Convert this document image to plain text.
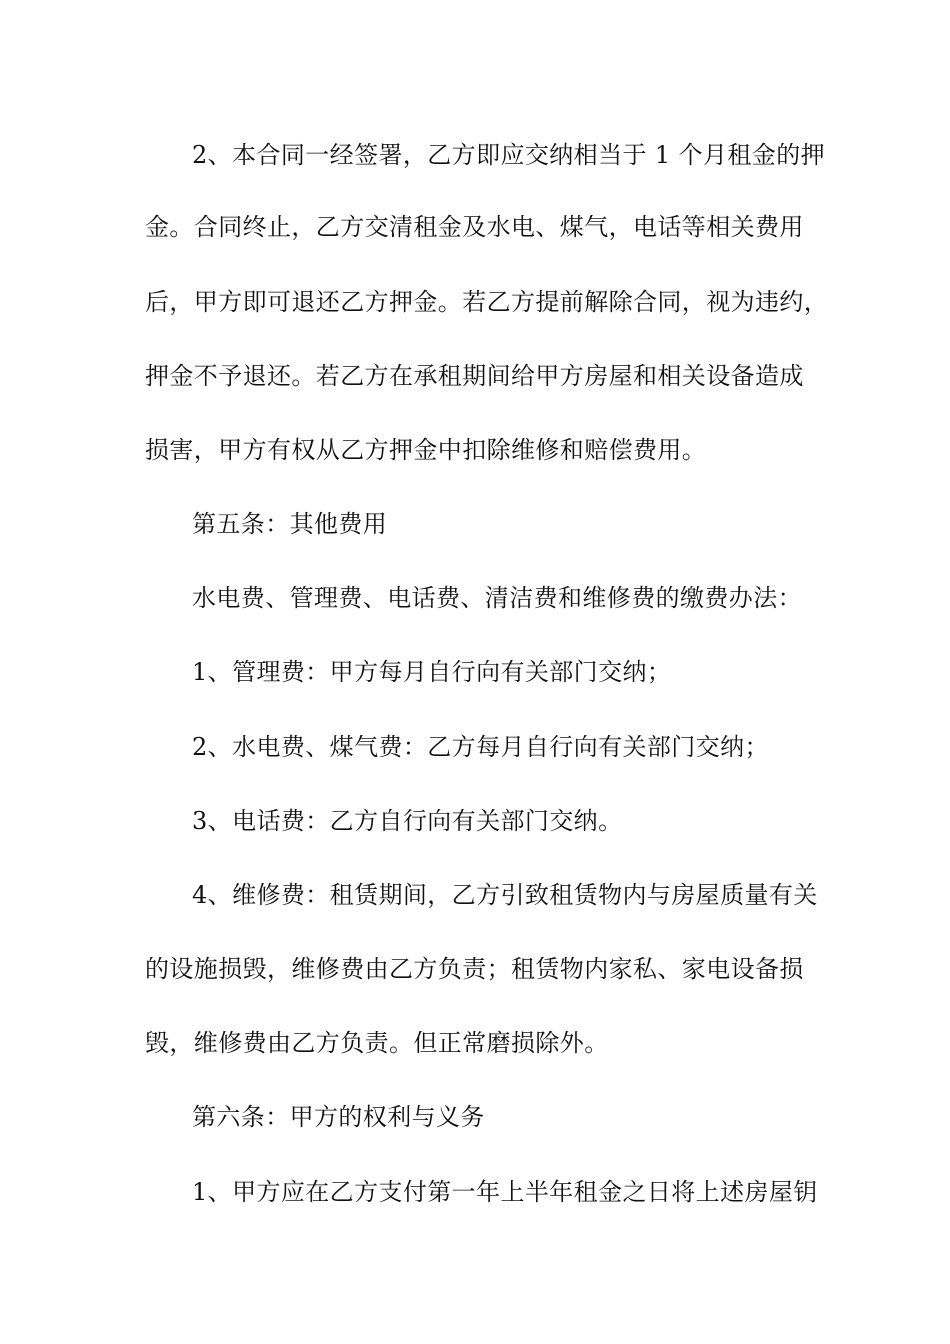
2、本合同一经签署，乙方即应交纳相当于 1 个月租金的押
金。合同终止，乙方交清租金及水电、煤气，电话等相关费用
后，甲方即可退还乙方押金。若乙方提前解除合同，视为违约，
押金不予退还。若乙方在承租期间给甲方房屋和相关设备造成
损害，甲方有权从乙方押金中扣除维修和赔偿费用。
第五条：其他费用
水电费、管理费、电话费、清洁费和维修费的缴费办法：
1、管理费：甲方每月自行向有关部门交纳；
2、水电费、煤气费：乙方每月自行向有关部门交纳；
3、电话费：乙方自行向有关部门交纳。
4、维修费：租赁期间，乙方引致租赁物内与房屋质量有关
的设施损毁，维修费由乙方负责；租赁物内家私、家电设备损
毁，维修费由乙方负责。但正常磨损除外。
第六条：甲方的权利与义务
1、甲方应在乙方支付第一年上半年租金之日将上述房屋钥
